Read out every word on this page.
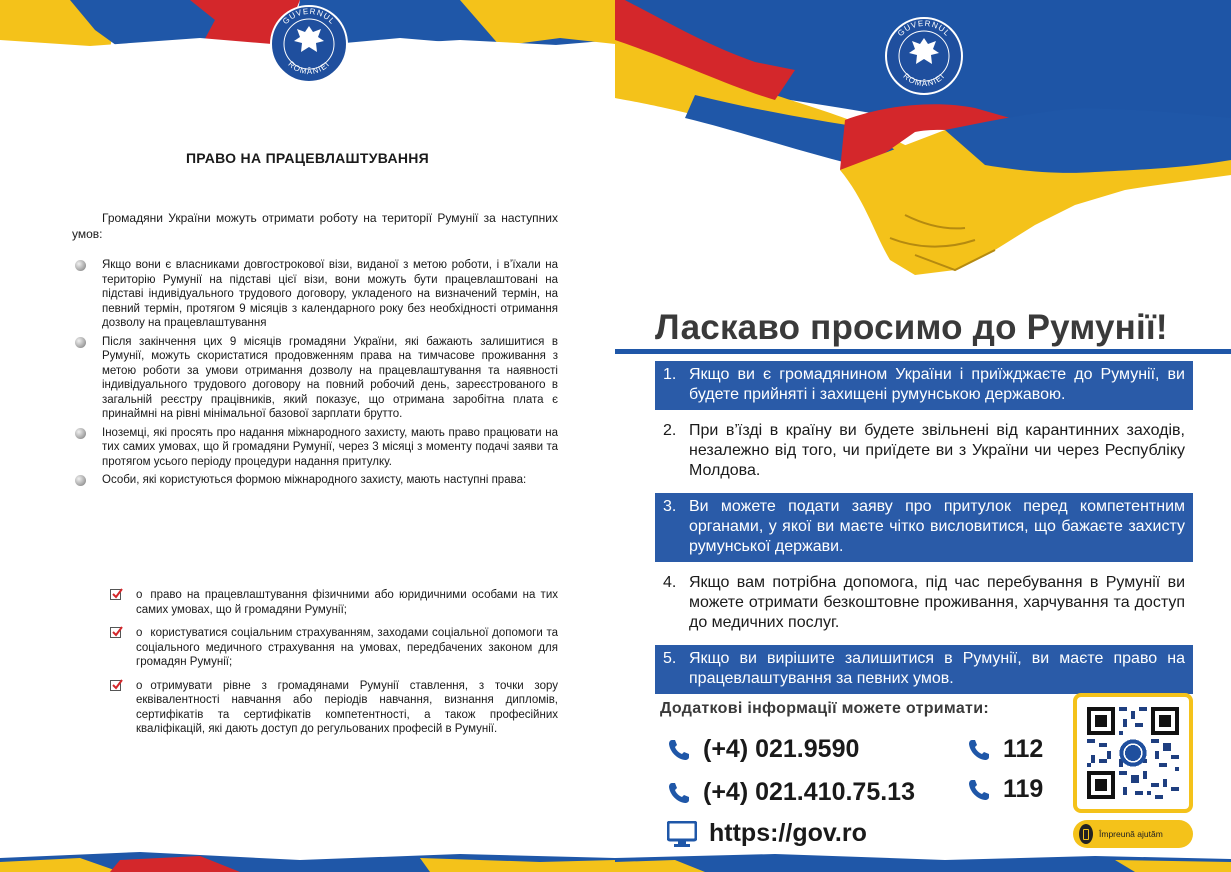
GUVERNUL
ROMÂNIEI
ПРАВО НА ПРАЦЕВЛАШТУВАННЯ
Громадяни України можуть отримати роботу на території Румунії за наступних умов:
Якщо вони є власниками довгострокової візи, виданої з метою роботи, і в’їхали на територію Румунії на підставі цієї візи, вони можуть бути працевлаштовані на підставі індивідуального трудового договору, укладеного на визначений термін, на певний термін, протягом 9 місяців з календарного року без необхідності отримання дозволу на працевлаштування
Після закінчення цих 9 місяців громадяни України, які бажають залишитися в Румунії, можуть скористатися продовженням права на тимчасове проживання з метою роботи за умови отримання дозволу на працевлаштування та наявності індивідуального трудового договору на повний робочий день, зареєстрованого в загальній реєстру працівників, який показує, що отримана заробітна плата є принаймні на рівні мінімальної базової зарплати брутто.
Іноземці, які просять про надання міжнародного захисту, мають право працювати на тих самих умовах, що й громадяни Румунії, через 3 місяці з моменту подачі заяви та протягом усього періоду процедури надання притулку.
Особи, які користуються формою міжнародного захисту, мають наступні права:
o право на працевлаштування фізичними або юридичними особами на тих самих умовах, що й громадяни Румунії;
o користуватися соціальним страхуванням, заходами соціальної допомоги та соціального медичного страхування на умовах, передбачених законом для громадян Румунії;
o отримувати рівне з громадянами Румунії ставлення, з точки зору еквівалентності навчання або періодів навчання, визнання дипломів, сертифікатів та сертифікатів компетентності, а також професійних кваліфікацій, які дають доступ до регульованих професій в Румунії.
GUVERNUL
ROMÂNIEI
Ласкаво просимо до Румунії!
1. Якщо ви є громадянином України і приїжджаєте до Румунії, ви будете прийняті і захищені румунською державою.
2. При в’їзді в країну ви будете звільнені від карантинних заходів, незалежно від того, чи приїдете ви з України чи через Республіку Молдова.
3. Ви можете подати заяву про притулок перед компетентним органами, у якої ви маєте чітко висловитися, що бажаєте захисту румунської держави.
4. Якщо вам потрібна допомога, під час перебування в Румунії ви можете отримати безкоштовне проживання, харчування та доступ до медичних послуг.
5. Якщо ви вирішите залишитися в Румунії, ви маєте право на працевлаштування за певних умов.
Додаткові інформації можете отримати:
(+4) 021.9590
(+4) 021.410.75.13
https://gov.ro
112
119
Împreună ajutăm
